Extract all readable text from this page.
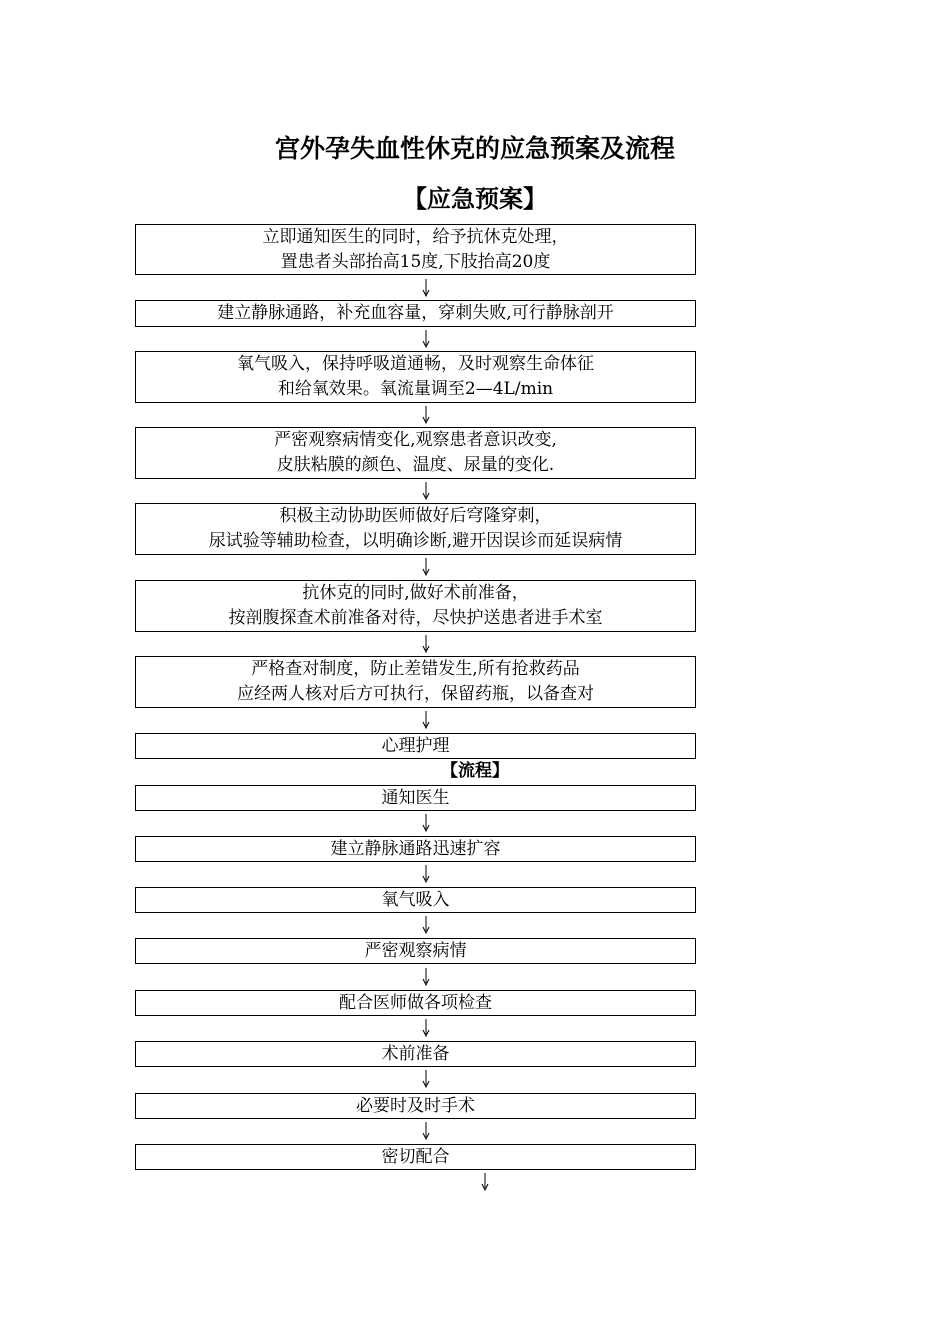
宫外孕失血性休克的应急预案及流程
【应急预案】
立即通知医生的同时，给予抗休克处理，
置患者头部抬高15度,下肢抬高20度
建立静脉通路，补充血容量，穿刺失败,可行静脉剖开
氧气吸入，保持呼吸道通畅，及时观察生命体征
和给氧效果。氧流量调至2—4L/min
严密观察病情变化,观察患者意识改变,
皮肤粘膜的颜色、温度、尿量的变化.
积极主动协助医师做好后穹隆穿刺，
尿试验等辅助检查，以明确诊断,避开因误诊而延误病情
抗休克的同时,做好术前准备，
按剖腹探查术前准备对待，尽快护送患者进手术室
严格查对制度，防止差错发生,所有抢救药品
应经两人核对后方可执行，保留药瓶，以备查对
心理护理
【流程】
通知医生
建立静脉通路迅速扩容
氧气吸入
严密观察病情
配合医师做各项检查
术前准备
必要时及时手术
密切配合
